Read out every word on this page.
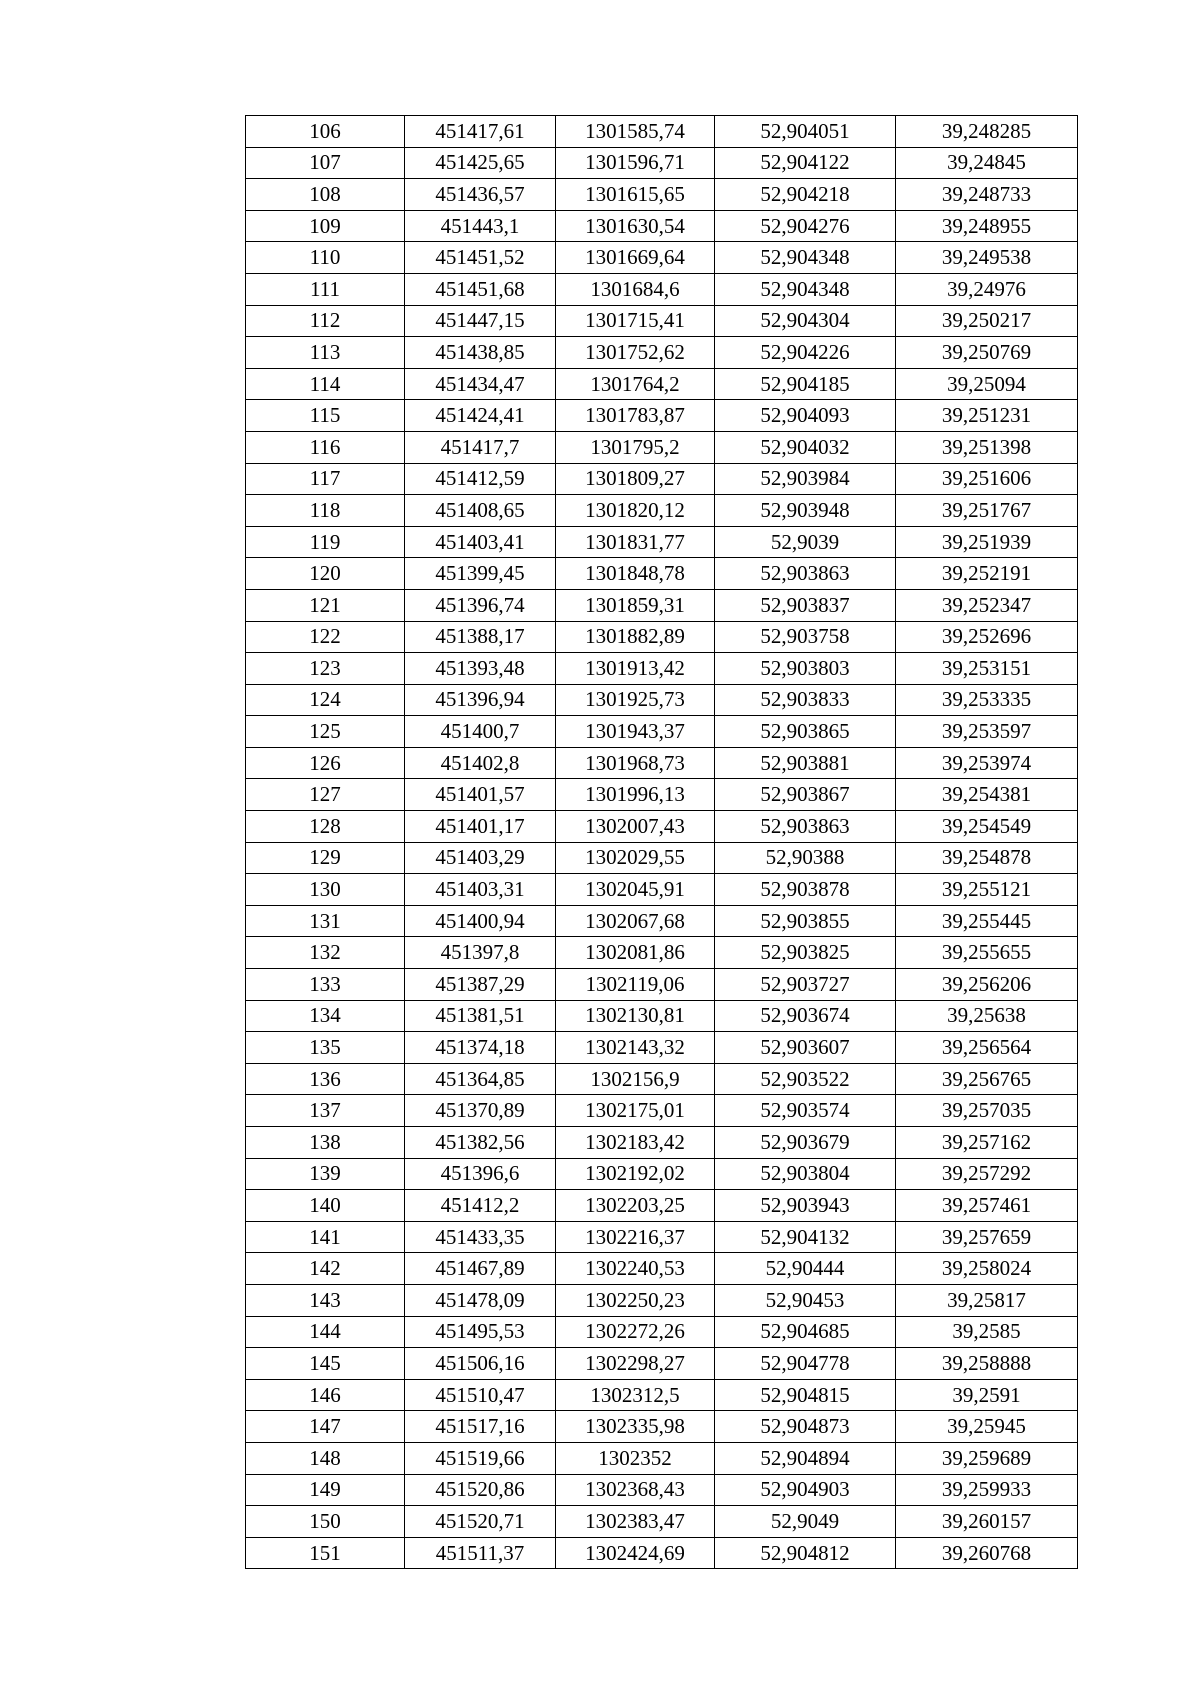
106	451417,61	1301585,74	52,904051	39,248285
107	451425,65	1301596,71	52,904122	39,24845
108	451436,57	1301615,65	52,904218	39,248733
109	451443,1	1301630,54	52,904276	39,248955
110	451451,52	1301669,64	52,904348	39,249538
111	451451,68	1301684,6	52,904348	39,24976
112	451447,15	1301715,41	52,904304	39,250217
113	451438,85	1301752,62	52,904226	39,250769
114	451434,47	1301764,2	52,904185	39,25094
115	451424,41	1301783,87	52,904093	39,251231
116	451417,7	1301795,2	52,904032	39,251398
117	451412,59	1301809,27	52,903984	39,251606
118	451408,65	1301820,12	52,903948	39,251767
119	451403,41	1301831,77	52,9039	39,251939
120	451399,45	1301848,78	52,903863	39,252191
121	451396,74	1301859,31	52,903837	39,252347
122	451388,17	1301882,89	52,903758	39,252696
123	451393,48	1301913,42	52,903803	39,253151
124	451396,94	1301925,73	52,903833	39,253335
125	451400,7	1301943,37	52,903865	39,253597
126	451402,8	1301968,73	52,903881	39,253974
127	451401,57	1301996,13	52,903867	39,254381
128	451401,17	1302007,43	52,903863	39,254549
129	451403,29	1302029,55	52,90388	39,254878
130	451403,31	1302045,91	52,903878	39,255121
131	451400,94	1302067,68	52,903855	39,255445
132	451397,8	1302081,86	52,903825	39,255655
133	451387,29	1302119,06	52,903727	39,256206
134	451381,51	1302130,81	52,903674	39,25638
135	451374,18	1302143,32	52,903607	39,256564
136	451364,85	1302156,9	52,903522	39,256765
137	451370,89	1302175,01	52,903574	39,257035
138	451382,56	1302183,42	52,903679	39,257162
139	451396,6	1302192,02	52,903804	39,257292
140	451412,2	1302203,25	52,903943	39,257461
141	451433,35	1302216,37	52,904132	39,257659
142	451467,89	1302240,53	52,90444	39,258024
143	451478,09	1302250,23	52,90453	39,25817
144	451495,53	1302272,26	52,904685	39,2585
145	451506,16	1302298,27	52,904778	39,258888
146	451510,47	1302312,5	52,904815	39,2591
147	451517,16	1302335,98	52,904873	39,25945
148	451519,66	1302352	52,904894	39,259689
149	451520,86	1302368,43	52,904903	39,259933
150	451520,71	1302383,47	52,9049	39,260157
151	451511,37	1302424,69	52,904812	39,260768
